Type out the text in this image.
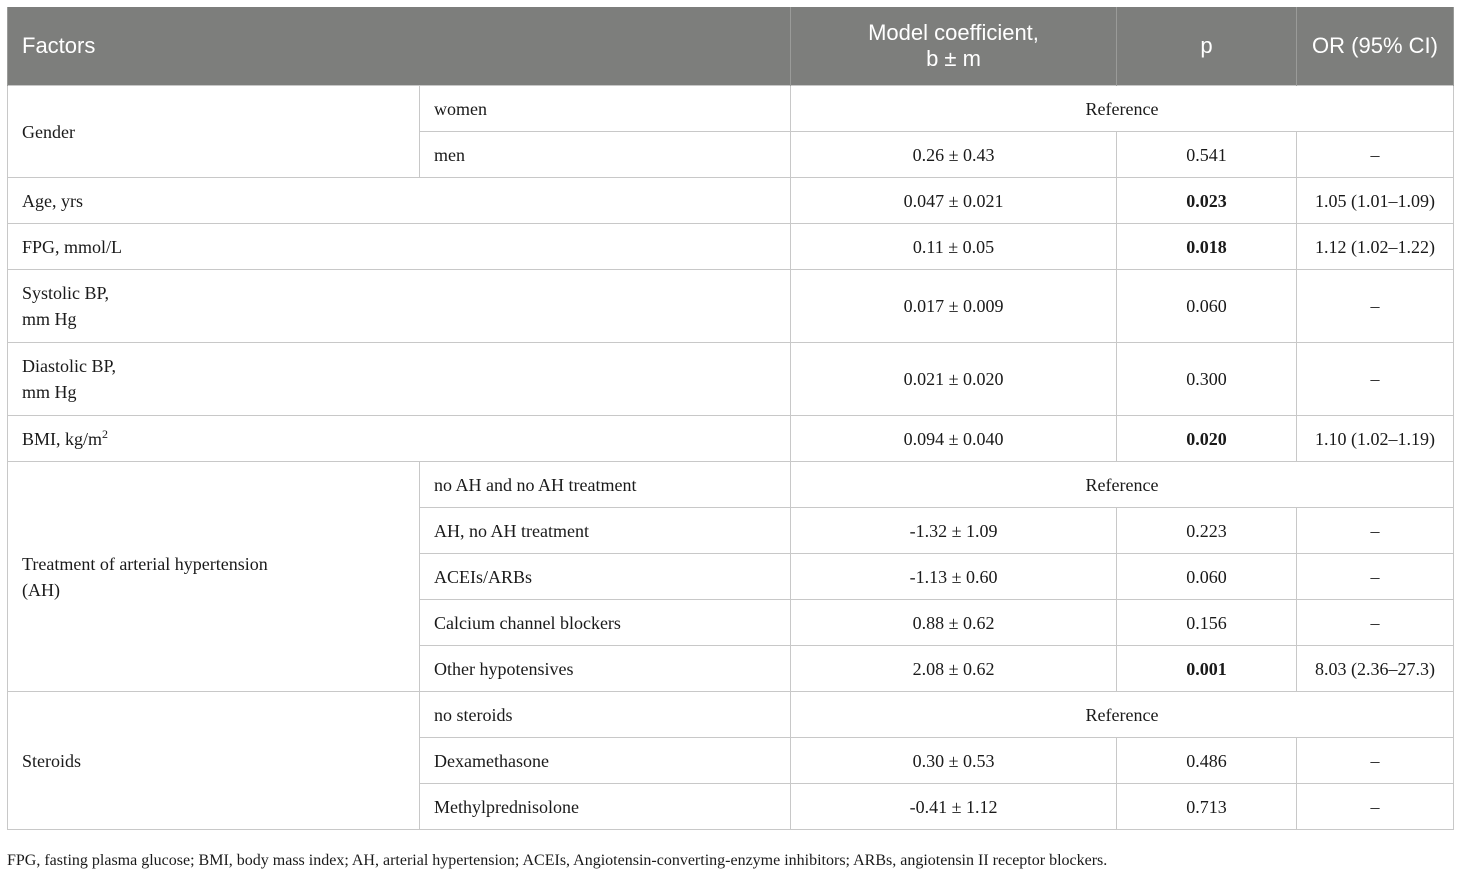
Factors		Model coefficient,
b ± m	p	OR (95% CI)
Gender	women	Reference		
	men	0.26 ± 0.43	0.541	–
Age, yrs		0.047 ± 0.021	0.023	1.05 (1.01–1.09)
FPG, mmol/L		0.11 ± 0.05	0.018	1.12 (1.02–1.22)
Systolic BP,
mm Hg		0.017 ± 0.009	0.060	–
Diastolic BP,
mm Hg		0.021 ± 0.020	0.300	–
BMI, $kg/m^2$		0.094 ± 0.040	0.020	1.10 (1.02–1.19)
Treatment of arterial hypertension
(AH)	no AH and no AH treatment	Reference		
	AH, no AH treatment	-1.32 ± 1.09	0.223	–
	ACEIs/ARBs	-1.13 ± 0.60	0.060	–
	Calcium channel blockers	0.88 ± 0.62	0.156	–
	Other hypotensives	2.08 ± 0.62	0.001	8.03 (2.36–27.3)
Steroids	no steroids	Reference		
	Dexamethasone	0.30 ± 0.53	0.486	–
	Methylprednisolone	-0.41 ± 1.12	0.713	–
FPG, fasting plasma glucose; BMI, body mass index; AH, arterial hypertension; ACEIs, Angiotensin-converting-enzyme inhibitors; ARBs, angiotensin II receptor blockers.
